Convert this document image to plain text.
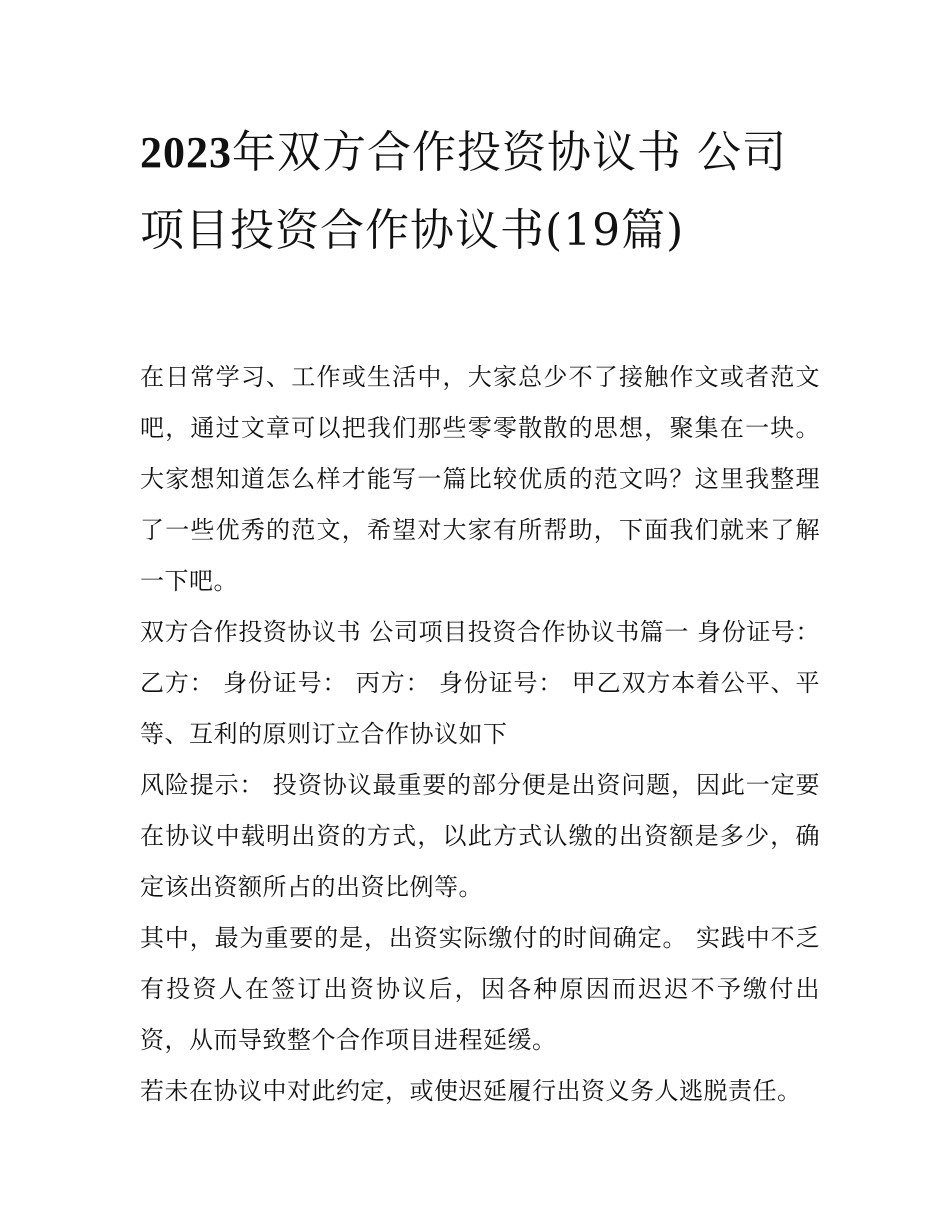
2023年双方合作投资协议书 公司项目投资合作协议书(19篇)

在日常学习、工作或生活中，大家总少不了接触作文或者范文吧，通过文章可以把我们那些零零散散的思想，聚集在一块。大家想知道怎么样才能写一篇比较优质的范文吗？这里我整理了一些优秀的范文，希望对大家有所帮助，下面我们就来了解一下吧。

双方合作投资协议书 公司项目投资合作协议书篇一 身份证号： 乙方： 身份证号： 丙方： 身份证号： 甲乙双方本着公平、平等、互利的原则订立合作协议如下

风险提示： 投资协议最重要的部分便是出资问题，因此一定要在协议中载明出资的方式，以此方式认缴的出资额是多少，确定该出资额所占的出资比例等。

其中，最为重要的是，出资实际缴付的时间确定。 实践中不乏有投资人在签订出资协议后，因各种原因而迟迟不予缴付出资，从而导致整个合作项目进程延缓。

若未在协议中对此约定，或使迟延履行出资义务人逃脱责任。
